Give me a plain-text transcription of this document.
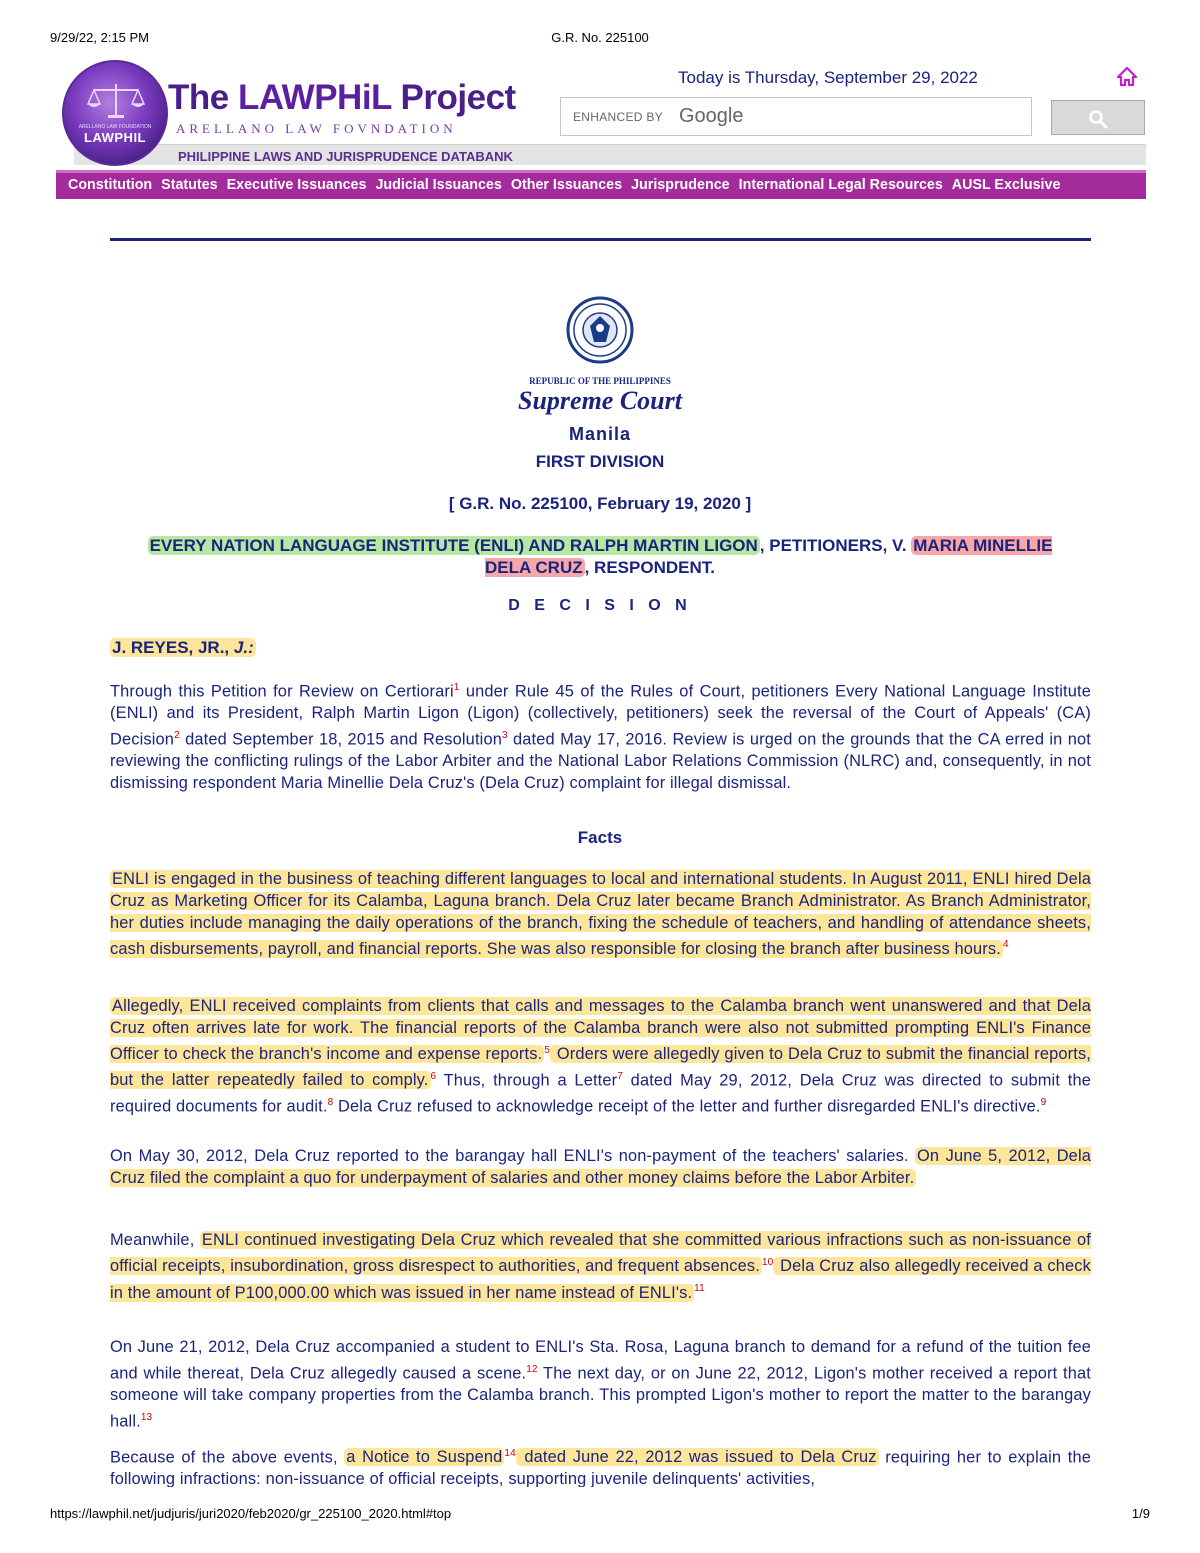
9/29/22, 2:15 PM	G.R. No. 225100
PHILIPPINE LAWS AND JURISPRUDENCE DATABANK
ARELLANO LAW FOUNDATION
LAWPHIL
The LAWPHiL Project
ARELLANO LAW FOVNDATION
Today is Thursday, September 29, 2022
ENHANCED BY Google
Constitution Statutes Executive Issuances Judicial Issuances Other Issuances Jurisprudence International Legal Resources AUSL Exclusive
REPUBLIC OF THE PHILIPPINES
Supreme Court
Manila
FIRST DIVISION
[ G.R. No. 225100, February 19, 2020 ]
EVERY NATION LANGUAGE INSTITUTE (ENLI) AND RALPH MARTIN LIGON , PETITIONERS, V. MARIA MINELLIE DELA CRUZ , RESPONDENT.
D E C I S I O N
J. REYES, JR., J.:
Through this Petition for Review on Certiorari$^1$ under Rule 45 of the Rules of Court, petitioners Every National Language Institute (ENLI) and its President, Ralph Martin Ligon (Ligon) (collectively, petitioners) seek the reversal of the Court of Appeals' (CA) Decision$^2$ dated September 18, 2015 and Resolution$^3$ dated May 17, 2016. Review is urged on the grounds that the CA erred in not reviewing the conflicting rulings of the Labor Arbiter and the National Labor Relations Commission (NLRC) and, consequently, in not dismissing respondent Maria Minellie Dela Cruz's (Dela Cruz) complaint for illegal dismissal.
Facts
ENLI is engaged in the business of teaching different languages to local and international students. In August 2011, ENLI hired Dela Cruz as Marketing Officer for its Calamba, Laguna branch. Dela Cruz later became Branch Administrator. As Branch Administrator, her duties include managing the daily operations of the branch, fixing the schedule of teachers, and handling of attendance sheets, cash disbursements, payroll, and financial reports. She was also responsible for closing the branch after business hours. $^4$
Allegedly, ENLI received complaints from clients that calls and messages to the Calamba branch went unanswered and that Dela Cruz often arrives late for work. The financial reports of the Calamba branch were also not submitted prompting ENLI's Finance Officer to check the branch's income and expense reports. $^5$ Orders were allegedly given to Dela Cruz to submit the financial reports, but the latter repeatedly failed to comply. $^6$ Thus, through a Letter$^7$ dated May 29, 2012, Dela Cruz was directed to submit the required documents for audit.$^8$ Dela Cruz refused to acknowledge receipt of the letter and further disregarded ENLI's directive.$^9$
On May 30, 2012, Dela Cruz reported to the barangay hall ENLI's non-payment of the teachers' salaries. On June 5, 2012, Dela Cruz filed the complaint a quo for underpayment of salaries and other money claims before the Labor Arbiter.
Meanwhile, ENLI continued investigating Dela Cruz which revealed that she committed various infractions such as non-issuance of official receipts, insubordination, gross disrespect to authorities, and frequent absences. $^{10}$ Dela Cruz also allegedly received a check in the amount of P100,000.00 which was issued in her name instead of ENLI's. $^{11}$
On June 21, 2012, Dela Cruz accompanied a student to ENLI's Sta. Rosa, Laguna branch to demand for a refund of the tuition fee and while thereat, Dela Cruz allegedly caused a scene.$^{12}$ The next day, or on June 22, 2012, Ligon's mother received a report that someone will take company properties from the Calamba branch. This prompted Ligon's mother to report the matter to the barangay hall.$^{13}$
Because of the above events, a Notice to Suspend $^{14}$ dated June 22, 2012 was issued to Dela Cruz requiring her to explain the following infractions: non-issuance of official receipts, supporting juvenile delinquents' activities,
https://lawphil.net/judjuris/juri2020/feb2020/gr_225100_2020.html#top	1/9
